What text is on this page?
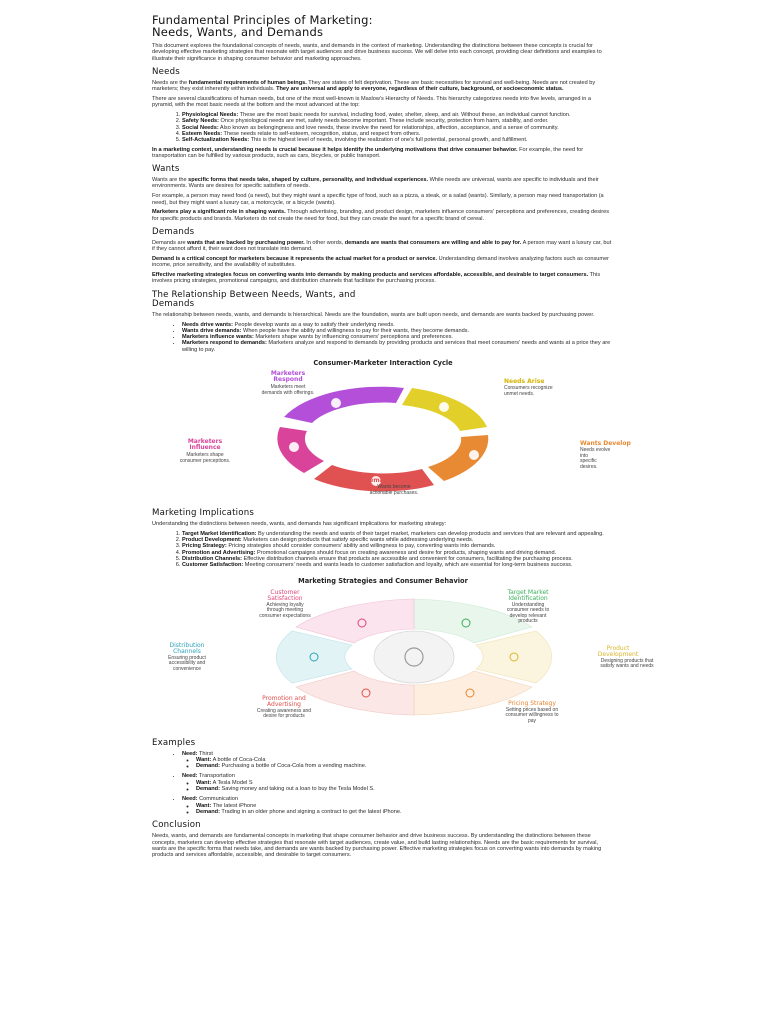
Fundamental Principles of Marketing:
Needs, Wants, and Demands

This document explores the foundational concepts of needs, wants, and demands in the context of marketing. Understanding the distinctions between these concepts is crucial for developing effective marketing strategies that resonate with target audiences and drive business success. We will delve into each concept, providing clear definitions and examples to illustrate their significance in shaping consumer behavior and marketing approaches.

Needs

Needs are the fundamental requirements of human beings. They are states of felt deprivation. These are basic necessities for survival and well-being. Needs are not created by marketers; they exist inherently within individuals. They are universal and apply to everyone, regardless of their culture, background, or socioeconomic status.

There are several classifications of human needs, but one of the most well-known is Maslow's Hierarchy of Needs. This hierarchy categorizes needs into five levels, arranged in a pyramid, with the most basic needs at the bottom and the most advanced at the top:

1. Physiological Needs: These are the most basic needs for survival, including food, water, shelter, sleep, and air. Without these, an individual cannot function.
2. Safety Needs: Once physiological needs are met, safety needs become important. These include security, protection from harm, stability, and order.
3. Social Needs: Also known as belongingness and love needs, these involve the need for relationships, affection, acceptance, and a sense of community.
4. Esteem Needs: These needs relate to self-esteem, recognition, status, and respect from others.
5. Self-Actualization Needs: This is the highest level of needs, involving the realization of one's full potential, personal growth, and fulfillment.

In a marketing context, understanding needs is crucial because it helps identify the underlying motivations that drive consumer behavior. For example, the need for transportation can be fulfilled by various products, such as cars, bicycles, or public transport.

Wants

Wants are the specific forms that needs take, shaped by culture, personality, and individual experiences. While needs are universal, wants are specific to individuals and their environments. Wants are desires for specific satisfiers of needs.

For example, a person may need food (a need), but they might want a specific type of food, such as a pizza, a steak, or a salad (wants). Similarly, a person may need transportation (a need), but they might want a luxury car, a motorcycle, or a bicycle (wants).

Marketers play a significant role in shaping wants. Through advertising, branding, and product design, marketers influence consumers' perceptions and preferences, creating desires for specific products and brands. Marketers do not create the need for food, but they can create the want for a specific brand of cereal.

Demands

Demands are wants that are backed by purchasing power. In other words, demands are wants that consumers are willing and able to pay for. A person may want a luxury car, but if they cannot afford it, their want does not translate into demand.

Demand is a critical concept for marketers because it represents the actual market for a product or service. Understanding demand involves analyzing factors such as consumer income, price sensitivity, and the availability of substitutes.

Effective marketing strategies focus on converting wants into demands by making products and services affordable, accessible, and desirable to target consumers. This involves pricing strategies, promotional campaigns, and distribution channels that facilitate the purchasing process.

The Relationship Between Needs, Wants, and
Demands

The relationship between needs, wants, and demands is hierarchical. Needs are the foundation, wants are built upon needs, and demands are wants backed by purchasing power.

• Needs drive wants: People develop wants as a way to satisfy their underlying needs.
• Wants drive demands: When people have the ability and willingness to pay for their wants, they become demands.
• Marketers influence wants: Marketers shape wants by influencing consumers' perceptions and preferences.
• Marketers respond to demands: Marketers analyze and respond to demands by providing products and services that meet consumers' needs and wants at a price they are willing to pay.
Consumer-Marketer Interaction Cycle
Marketers
Respond
Marketers meet
demands with offerings.
Needs Arise
Consumers recognize
unmet needs.
Wants Develop
Needs evolve into
specific desires.
Demands Emerge
Wants become
actionable purchases.
Marketers
Influence
Marketers shape
consumer perceptions.
Marketing Implications

Understanding the distinctions between needs, wants, and demands has significant implications for marketing strategy:

1. Target Market Identification: By understanding the needs and wants of their target market, marketers can develop products and services that are relevant and appealing.
2. Product Development: Marketers can design products that satisfy specific wants while addressing underlying needs.
3. Pricing Strategy: Pricing strategies should consider consumers' ability and willingness to pay, converting wants into demands.
4. Promotion and Advertising: Promotional campaigns should focus on creating awareness and desire for products, shaping wants and driving demand.
5. Distribution Channels: Effective distribution channels ensure that products are accessible and convenient for consumers, facilitating the purchasing process.
6. Customer Satisfaction: Meeting consumers' needs and wants leads to customer satisfaction and loyalty, which are essential for long-term business success.
Marketing Strategies and Consumer Behavior
Customer
Satisfaction
Achieving loyalty
through meeting
consumer expectations
Target Market
Identification
Understanding
consumer needs to
develop relevant
products
Product
Development
Designing products that
satisfy wants and needs
Pricing Strategy
Setting prices based on
consumer willingness to
pay
Promotion and
Advertising
Creating awareness and
desire for products
Distribution
Channels
Ensuring product
accessibility and
convenience
Examples
• Need: Thirst
◦ Want: A bottle of Coca-Cola
◦ Demand: Purchasing a bottle of Coca-Cola from a vending machine.
• Need: Transportation
◦ Want: A Tesla Model S
◦ Demand: Saving money and taking out a loan to buy the Tesla Model S.
• Need: Communication
◦ Want: The latest iPhone
◦ Demand: Trading in an older phone and signing a contract to get the latest iPhone.
Conclusion

Needs, wants, and demands are fundamental concepts in marketing that shape consumer behavior and drive business success. By understanding the distinctions between these concepts, marketers can develop effective strategies that resonate with target audiences, create value, and build lasting relationships. Needs are the basic requirements for survival, wants are the specific forms that needs take, and demands are wants backed by purchasing power. Effective marketing strategies focus on converting wants into demands by making products and services affordable, accessible, and desirable to target consumers.
